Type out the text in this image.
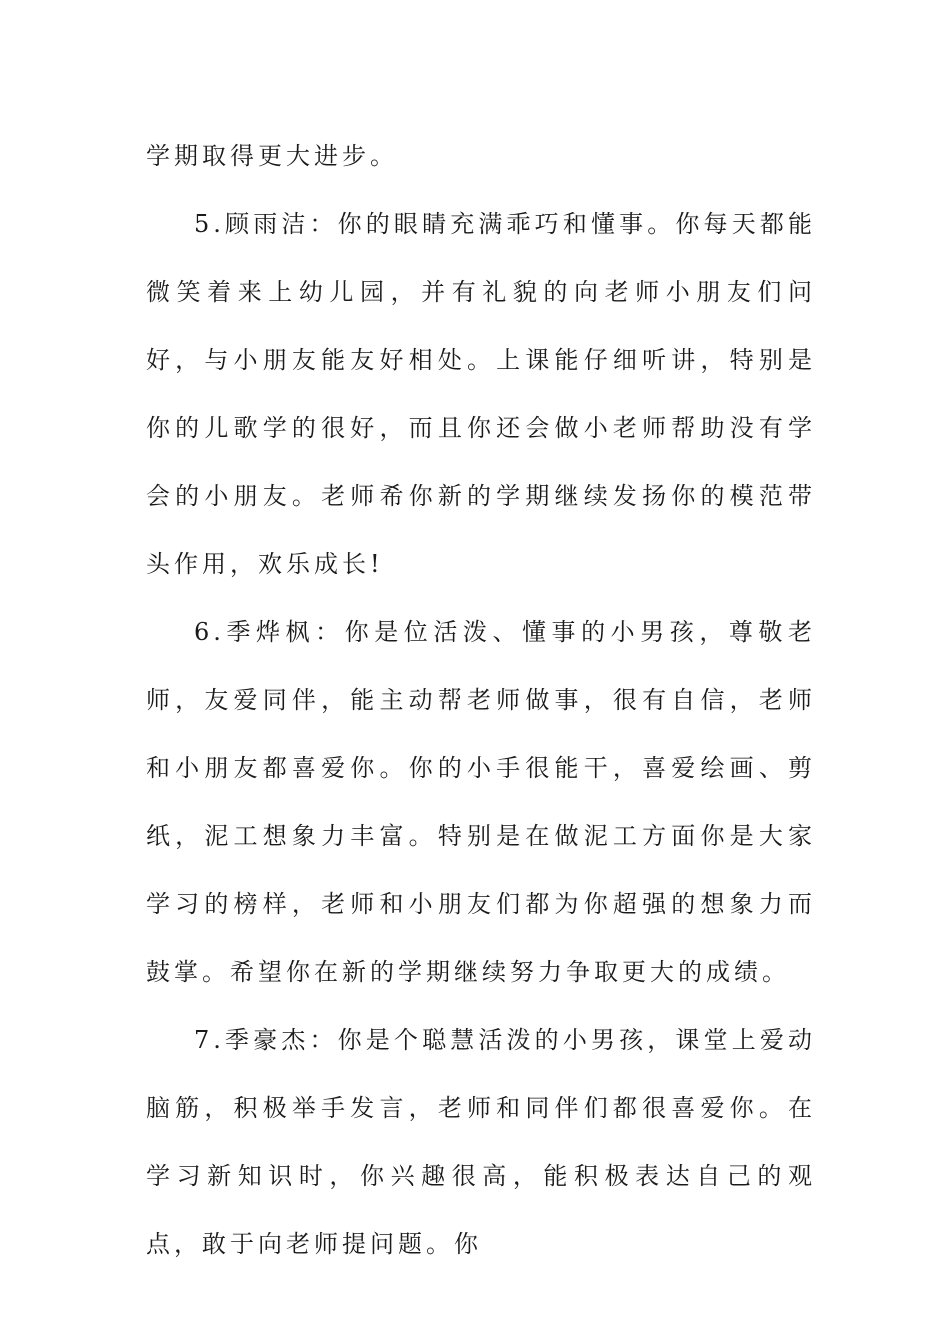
学期取得更大进步。

5.顾雨洁：你的眼睛充满乖巧和懂事。你每天都能微笑着来上幼儿园，并有礼貌的向老师小朋友们问好，与小朋友能友好相处。上课能仔细听讲，特别是你的儿歌学的很好，而且你还会做小老师帮助没有学会的小朋友。老师希你新的学期继续发扬你的模范带头作用，欢乐成长!

6.季烨枫：你是位活泼、懂事的小男孩，尊敬老师，友爱同伴，能主动帮老师做事，很有自信，老师和小朋友都喜爱你。你的小手很能干，喜爱绘画、剪纸，泥工想象力丰富。特别是在做泥工方面你是大家学习的榜样，老师和小朋友们都为你超强的想象力而鼓掌。希望你在新的学期继续努力争取更大的成绩。

7.季豪杰：你是个聪慧活泼的小男孩，课堂上爱动脑筋，积极举手发言，老师和同伴们都很喜爱你。在学习新知识时，你兴趣很高，能积极表达自己的观点，敢于向老师提问题。你
